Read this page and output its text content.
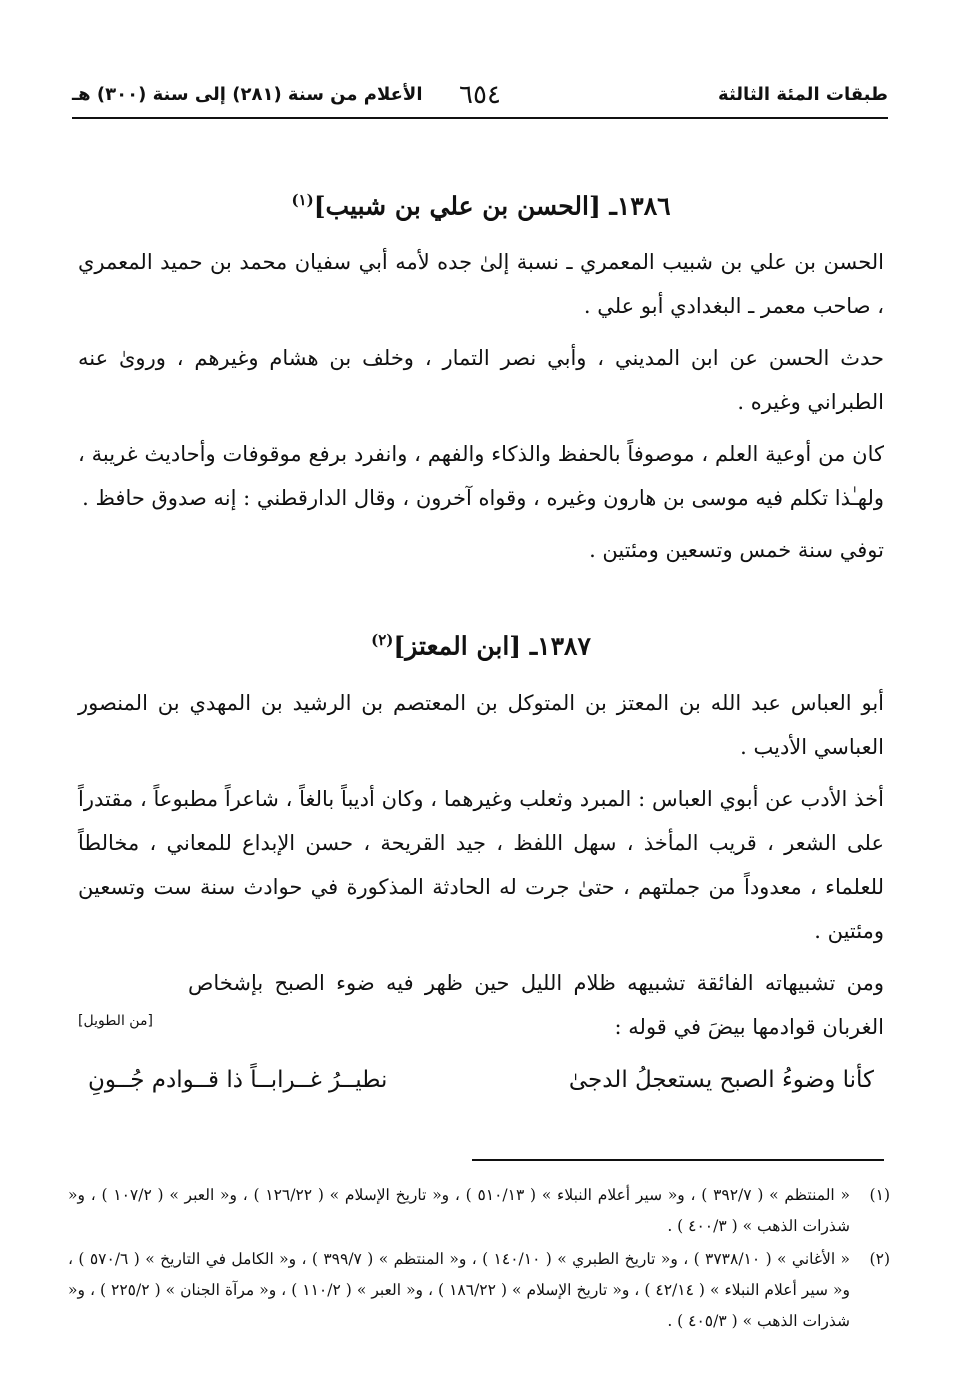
طبقات المئة الثالثة
٦٥٤
الأعلام من سنة (٢٨١) إلى سنة (٣٠٠) هـ
١٣٨٦ـ [الحسن بن علي بن شبيب]$^{(١)}$

الحسن بن علي بن شبيب المعمري ـ نسبة إلىٰ جده لأمه أبي سفيان محمد بن حميد المعمري ، صاحب معمر ـ البغدادي أبو علي .

حدث الحسن عن ابن المديني ، وأبي نصر التمار ، وخلف بن هشام وغيرهم ، وروىٰ عنه الطبراني وغيره .

كان من أوعية العلم ، موصوفاً بالحفظ والذكاء والفهم ، وانفرد برفع موقوفات وأحاديث غريبة ، ولهـٰذا تكلم فيه موسى بن هارون وغيره ، وقواه آخرون ، وقال الدارقطني : إنه صدوق حافظ .

توفي سنة خمس وتسعين ومئتين .

١٣٨٧ـ [ابن المعتز]$^{(٢)}$

أبو العباس عبد الله بن المعتز بن المتوكل بن المعتصم بن الرشيد بن المهدي بن المنصور العباسي الأديب .

أخذ الأدب عن أبوي العباس : المبرد وثعلب وغيرهما ، وكان أديباً بالغاً ، شاعراً مطبوعاً ، مقتدراً على الشعر ، قريب المأخذ ، سهل اللفظ ، جيد القريحة ، حسن الإبداع للمعاني ، مخالطاً للعلماء ، معدوداً من جملتهم ، حتىٰ جرت له الحادثة المذكورة في حوادث سنة ست وتسعين ومئتين .

ومن تشبيهاته الفائقة تشبيهه ظلام الليل حين ظهر فيه ضوء الصبح بإشخاص الغربان قوادمها بيضَ في قوله :

[من الطويل]
كأنا وضوءُ الصبح يستعجلُ الدجىٰ
نطيــرُ غــرابــاً ذا قــوادم جُــونِ
(١)
« المنتظم » ( ٣٩٢/٧ ) ، و« سير أعلام النبلاء » ( ٥١٠/١٣ ) ، و« تاريخ الإسلام » ( ١٢٦/٢٢ ) ، و« العبر » ( ١٠٧/٢ ) ، و« شذرات الذهب » ( ٤٠٠/٣ ) .
(٢)
« الأغاني » ( ٣٧٣٨/١٠ ) ، و« تاريخ الطبري » ( ١٤٠/١٠ ) ، و« المنتظم » ( ٣٩٩/٧ ) ، و« الكامل في التاريخ » ( ٥٧٠/٦ ) ، و« سير أعلام النبلاء » ( ٤٢/١٤ ) ، و« تاريخ الإسلام » ( ١٨٦/٢٢ ) ، و« العبر » ( ١١٠/٢ ) ، و« مرآة الجنان » ( ٢٢٥/٢ ) ، و« شذرات الذهب » ( ٤٠٥/٣ ) .
